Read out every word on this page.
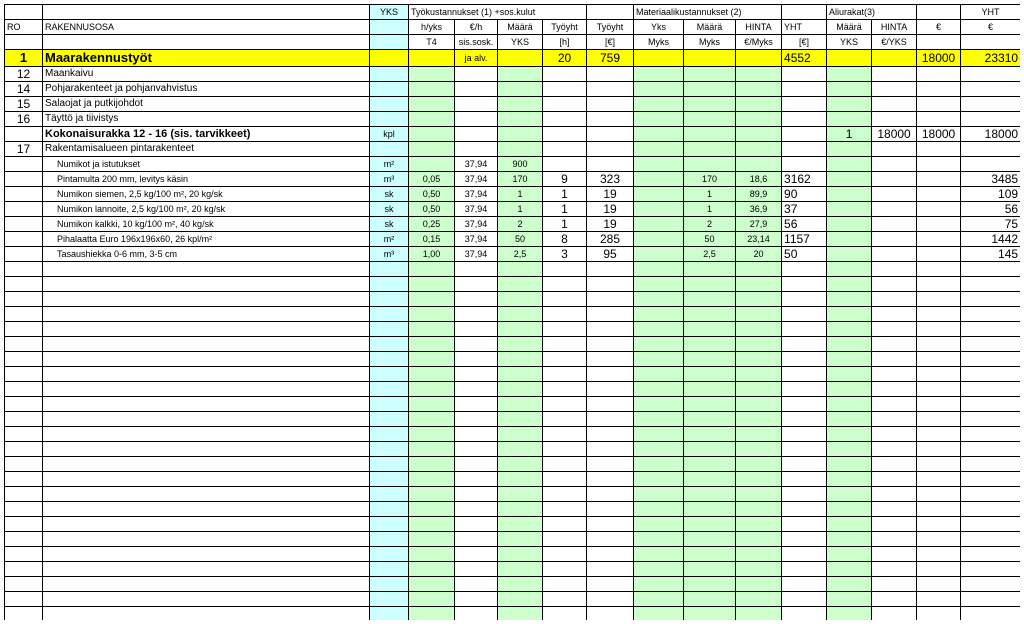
		YKS	Työkustannukset (1) +sos.kulut					Materiaalikustannukset (2)				Aliurakat(3)			YHT
RO	RAKENNUSOSA		h/yks	€/h	Määrä	Työyht	Työyht	Yks	Määrä	HINTA	YHT	Määrä	HINTA	€	€
			T4	sis.sosk.	YKS	[h]	[€]	Myks	Myks	€/Myks	[€]	YKS	€/YKS		
1	Maarakennustyöt			ja alv.		20	759				4552			18000	23310
12	Maankaivu														
14	Pohjarakenteet ja pohjanvahvistus														
15	Salaojat ja putkijohdot														
16	Täyttö ja tiivistys														
	Kokonaisurakka 12 - 16 (sis. tarvikkeet)	kpl										1	18000	18000	18000
17	Rakentamisalueen pintarakenteet														
	Numikot ja istutukset	m²		37,94	900										
	Pintamulta 200 mm, levitys käsin	m³	0,05	37,94	170	9	323		170	18,6	3162				3485
	Numikon siemen, 2,5 kg/100 m², 20 kg/sk	sk	0,50	37,94	1	1	19		1	89,9	90				109
	Numikon lannoite, 2,5 kg/100 m², 20 kg/sk	sk	0,50	37,94	1	1	19		1	36,9	37				56
	Numikon kalkki, 10 kg/100 m², 40 kg/sk	sk	0,25	37,94	2	1	19		2	27,9	56				75
	Pihalaatta Euro 196x196x60, 26 kpl/m²	m²	0,15	37,94	50	8	285		50	23,14	1157				1442
	Tasaushiekka 0-6 mm, 3-5 cm	m³	1,00	37,94	2,5	3	95		2,5	20	50				145
